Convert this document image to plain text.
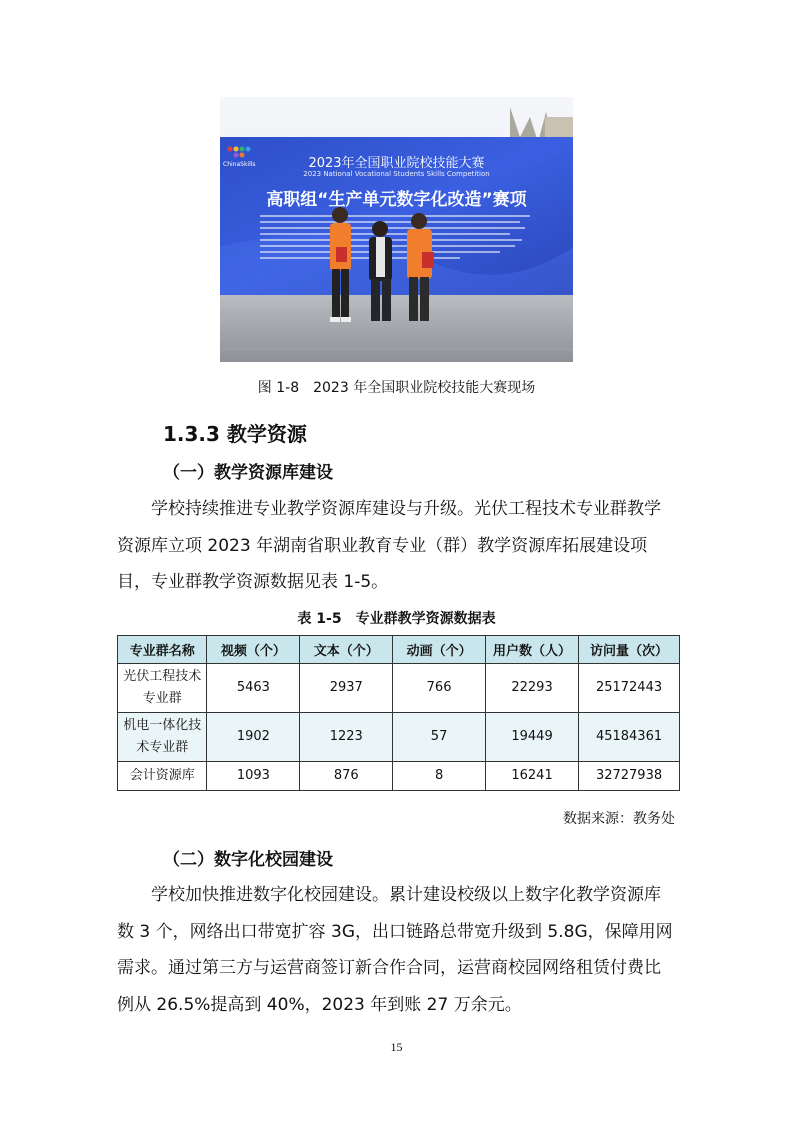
ChinaSkills	2023年全国职业院校技能大赛
2023 National Vocational Students Skills Competition
高职组“生产单元数字化改造”赛项
图 1-8　2023 年全国职业院校技能大赛现场
1.3.3 教学资源
（一）教学资源库建设
学校持续推进专业教学资源库建设与升级。光伏工程技术专业群教学资源库立项 2023 年湖南省职业教育专业（群）教学资源库拓展建设项目，专业群教学资源数据见表 1-5。
表 1-5　专业群教学资源数据表
专业群名称	视频（个）	文本（个）	动画（个）	用户数（人）	访问量（次）
光伏工程技术专业群	5463	2937	766	22293	25172443
机电一体化技术专业群	1902	1223	57	19449	45184361
会计资源库	1093	876	8	16241	32727938
数据来源：教务处
（二）数字化校园建设
学校加快推进数字化校园建设。累计建设校级以上数字化教学资源库数 3 个，网络出口带宽扩容 3G，出口链路总带宽升级到 5.8G，保障用网需求。通过第三方与运营商签订新合作合同，运营商校园网络租赁付费比例从 26.5%提高到 40%，2023 年到账 27 万余元。
15
